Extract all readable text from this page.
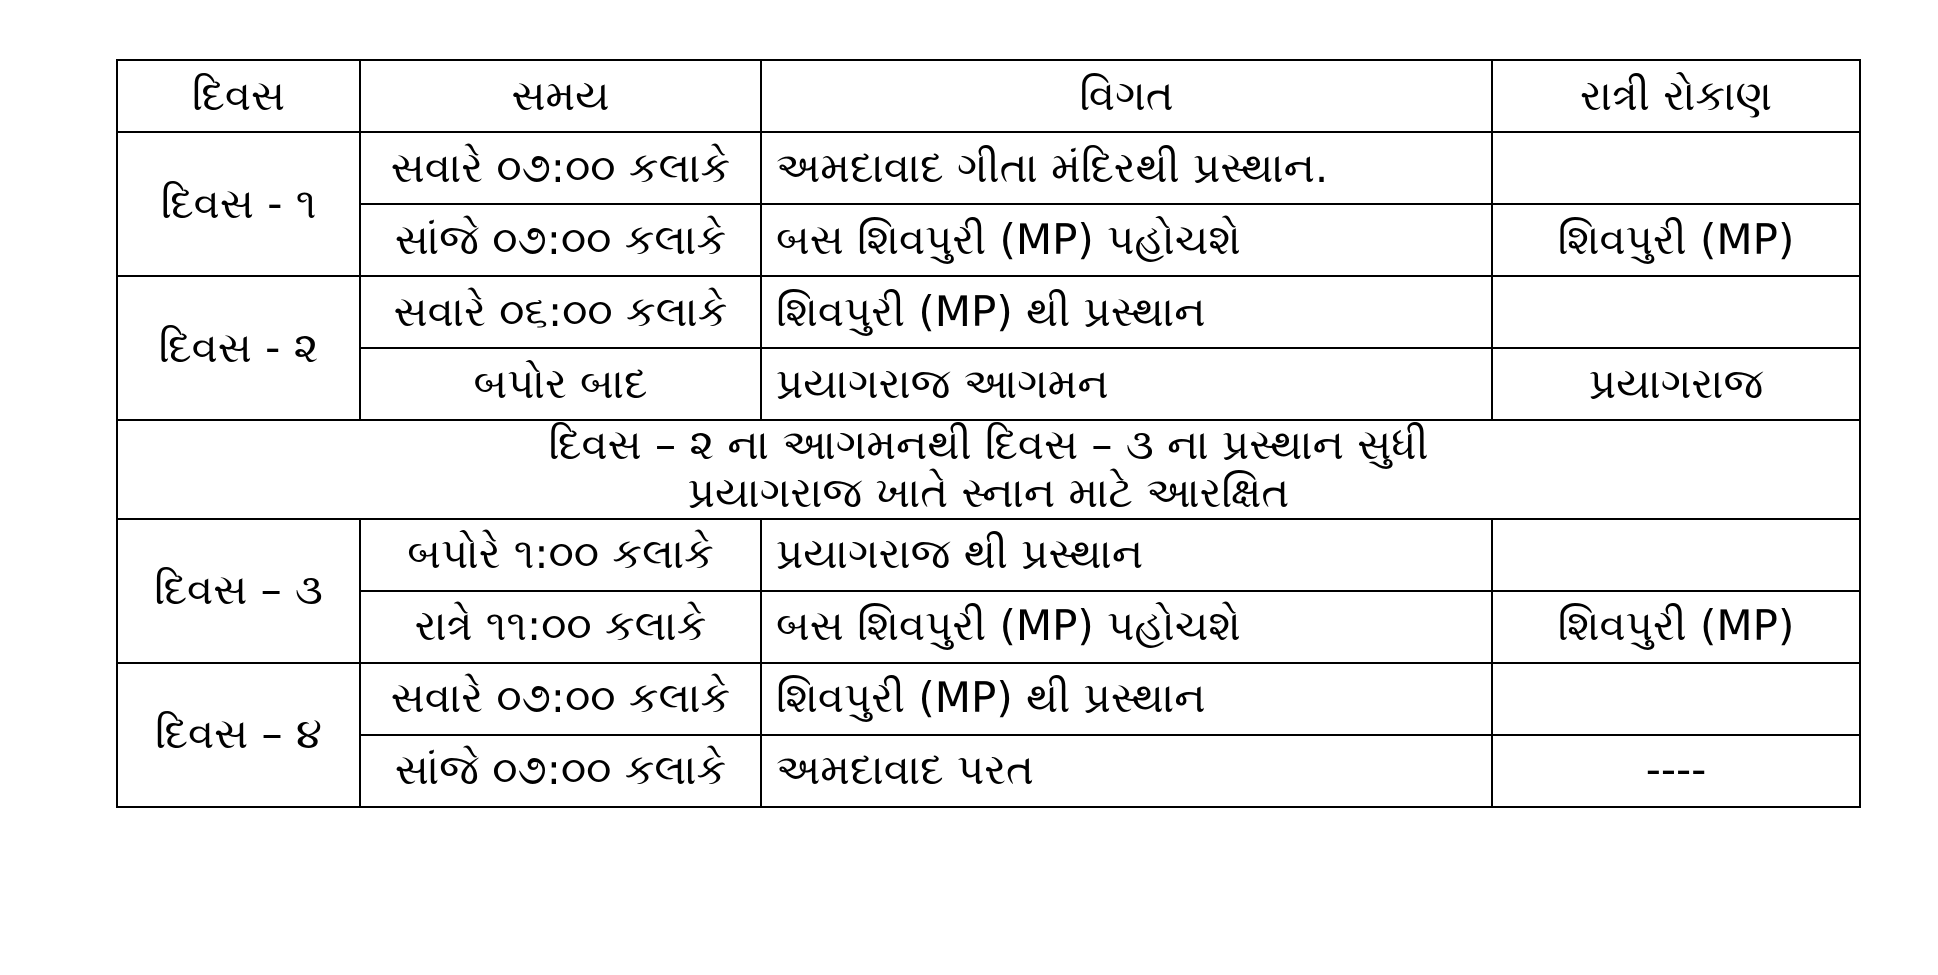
દિવસ	સમય	વિગત	રાત્રી રોકાણ
દિવસ - ૧	સવારે ૦૭:૦૦ કલાકે	અમદાવાદ ગીતા મંદિરથી પ્રસ્થાન.	
	સાંજે ૦૭:૦૦ કલાકે	બસ શિવપુરી (MP) પહોચશે	શિવપુરી (MP)
દિવસ - ૨	સવારે ૦૬:૦૦ કલાકે	શિવપુરી (MP) થી પ્રસ્થાન	
	બપોર બાદ	પ્રયાગરાજ આગમન	પ્રયાગરાજ

દિવસ – ૨ ના આગમનથી દિવસ – ૩ ના પ્રસ્થાન સુધી
પ્રયાગરાજ ખાતે સ્નાન માટે આરક્ષિત			

દિવસ – ૩	બપોરે ૧:૦૦ કલાકે	પ્રયાગરાજ થી પ્રસ્થાન	
	રાત્રે ૧૧:૦૦ કલાકે	બસ શિવપુરી (MP) પહોચશે	શિવપુરી (MP)
દિવસ – ૪	સવારે ૦૭:૦૦ કલાકે	શિવપુરી (MP) થી પ્રસ્થાન	
	સાંજે ૦૭:૦૦ કલાકે	અમદાવાદ પરત	----
